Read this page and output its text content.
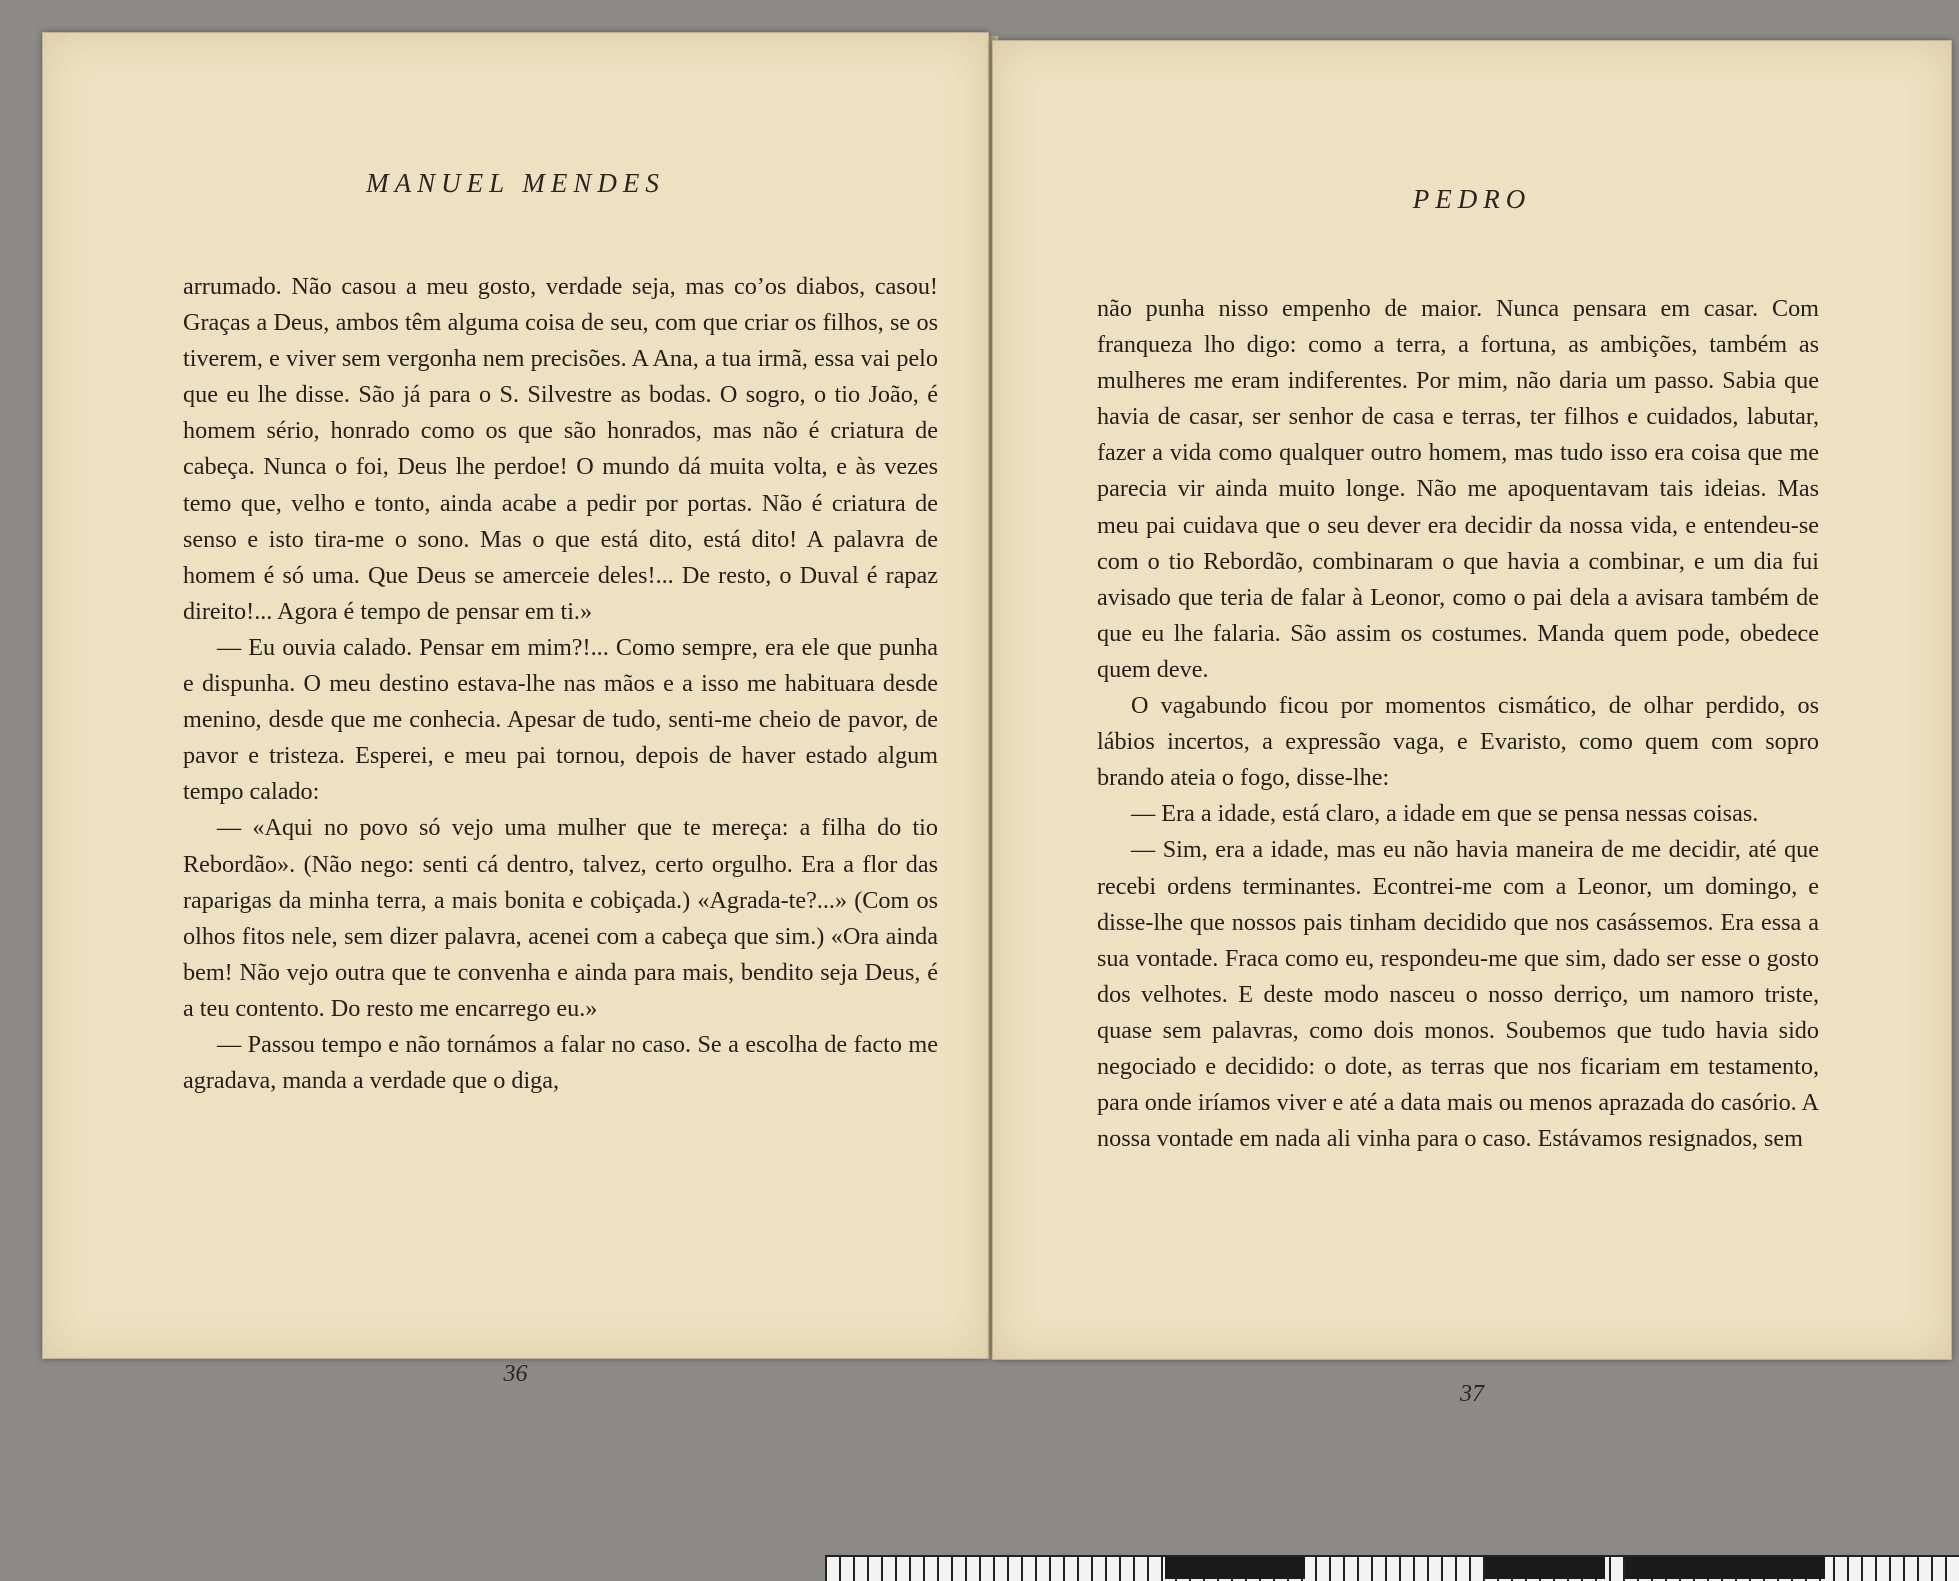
MANUEL MENDES

arrumado. Não casou a meu gosto, verdade seja, mas co’os diabos, casou! Graças a Deus, ambos têm alguma coisa de seu, com que criar os filhos, se os tiverem, e viver sem vergonha nem precisões. A Ana, a tua irmã, essa vai pelo que eu lhe disse. São já para o S. Silvestre as bodas. O sogro, o tio João, é homem sério, honrado como os que são honrados, mas não é criatura de cabeça. Nunca o foi, Deus lhe perdoe! O mundo dá muita volta, e às vezes temo que, velho e tonto, ainda acabe a pedir por portas. Não é criatura de senso e isto tira-me o sono. Mas o que está dito, está dito! A palavra de homem é só uma. Que Deus se amerceie deles!... De resto, o Duval é rapaz direito!... Agora é tempo de pensar em ti.»

— Eu ouvia calado. Pensar em mim?!... Como sempre, era ele que punha e dispunha. O meu destino estava-lhe nas mãos e a isso me habituara desde menino, desde que me conhecia. Apesar de tudo, senti-me cheio de pavor, de pavor e tristeza. Esperei, e meu pai tornou, depois de haver estado algum tempo calado:

— «Aqui no povo só vejo uma mulher que te mereça: a filha do tio Rebordão». (Não nego: senti cá dentro, talvez, certo orgulho. Era a flor das raparigas da minha terra, a mais bonita e cobiçada.) «Agrada-te?...» (Com os olhos fitos nele, sem dizer palavra, acenei com a cabeça que sim.) «Ora ainda bem! Não vejo outra que te convenha e ainda para mais, bendito seja Deus, é a teu contento. Do resto me encarrego eu.»

— Passou tempo e não tornámos a falar no caso. Se a escolha de facto me agradava, manda a verdade que o diga,

36
PEDRO

não punha nisso empenho de maior. Nunca pensara em casar. Com franqueza lho digo: como a terra, a fortuna, as ambições, também as mulheres me eram indiferentes. Por mim, não daria um passo. Sabia que havia de casar, ser senhor de casa e terras, ter filhos e cuidados, labutar, fazer a vida como qualquer outro homem, mas tudo isso era coisa que me parecia vir ainda muito longe. Não me apoquentavam tais ideias. Mas meu pai cuidava que o seu dever era decidir da nossa vida, e entendeu-se com o tio Rebordão, combinaram o que havia a combinar, e um dia fui avisado que teria de falar à Leonor, como o pai dela a avisara também de que eu lhe falaria. São assim os costumes. Manda quem pode, obedece quem deve.

O vagabundo ficou por momentos cismático, de olhar perdido, os lábios incertos, a expressão vaga, e Evaristo, como quem com sopro brando ateia o fogo, disse-lhe:

— Era a idade, está claro, a idade em que se pensa nessas coisas.

— Sim, era a idade, mas eu não havia maneira de me decidir, até que recebi ordens terminantes. Econtrei-me com a Leonor, um domingo, e disse-lhe que nossos pais tinham decidido que nos casássemos. Era essa a sua vontade. Fraca como eu, respondeu-me que sim, dado ser esse o gosto dos velhotes. E deste modo nasceu o nosso derriço, um namoro triste, quase sem palavras, como dois monos. Soubemos que tudo havia sido negociado e decidido: o dote, as terras que nos ficariam em testamento, para onde iríamos viver e até a data mais ou menos aprazada do casório. A nossa vontade em nada ali vinha para o caso. Estávamos resignados, sem

37
